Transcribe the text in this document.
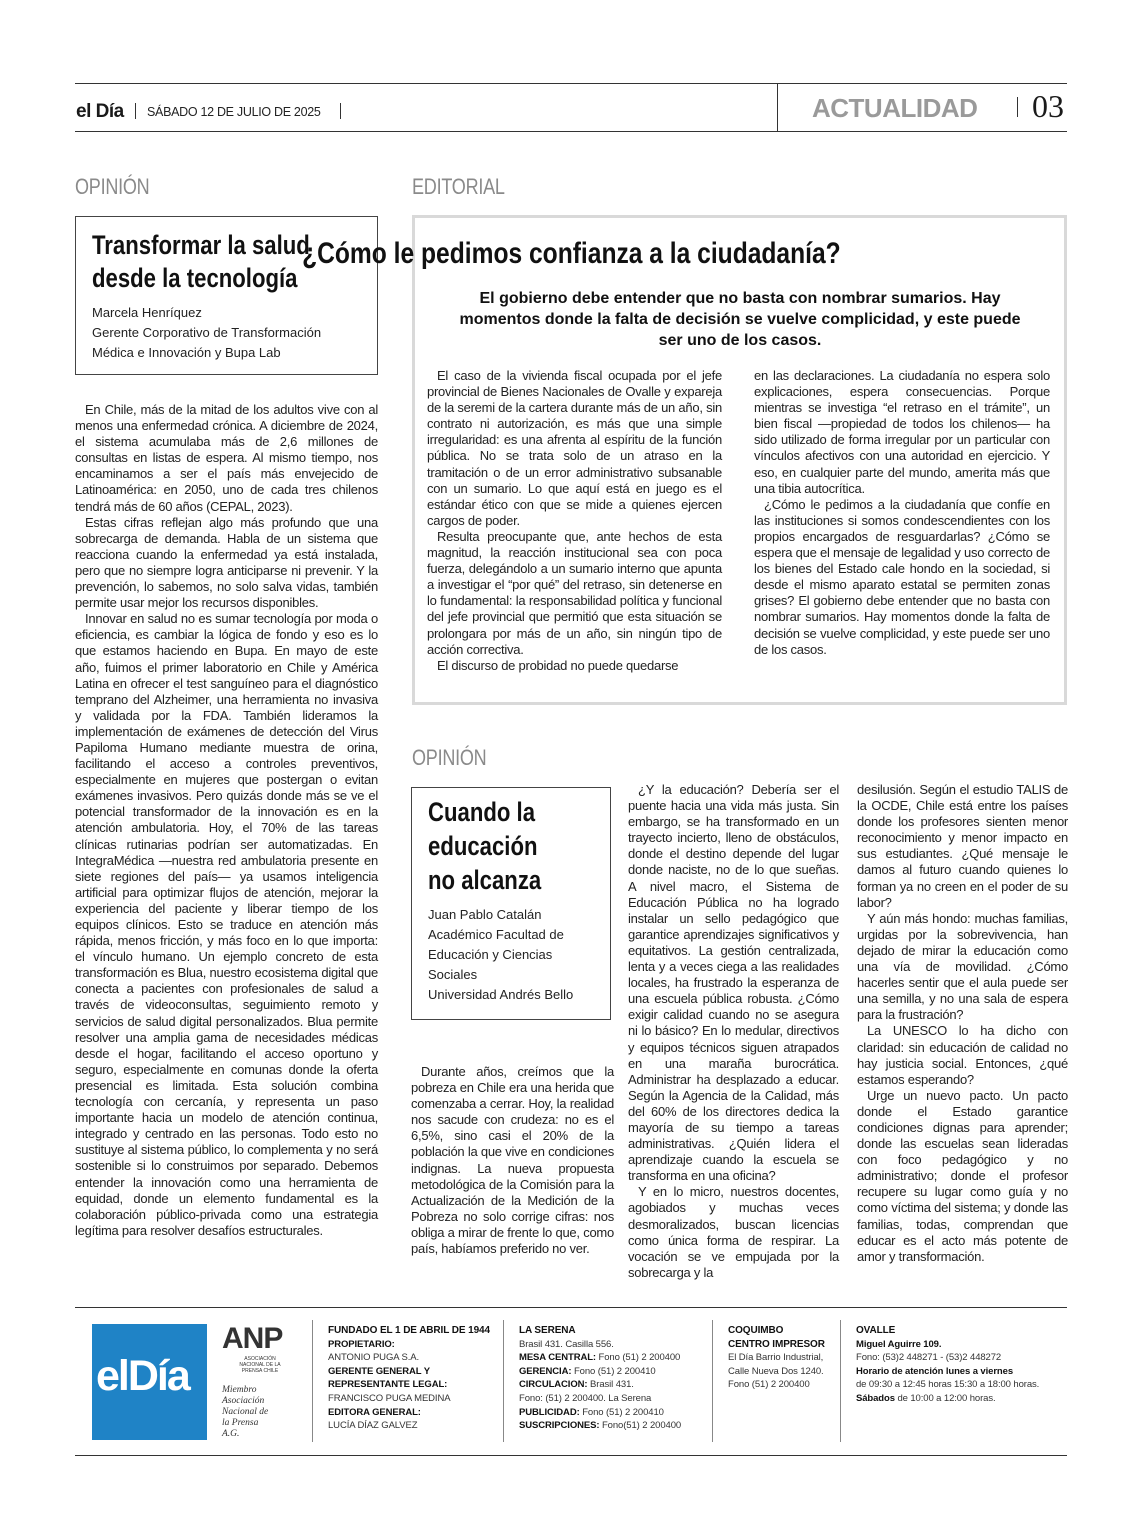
el Día SÁBADO 12 DE JULIO DE 2025	ACTUALIDAD 03
OPINIÓN
Transformar la salud
desde la tecnología
Marcela Henríquez
Gerente Corporativo de Transformación
Médica e Innovación y Bupa Lab

En Chile, más de la mitad de los adultos vive con al menos una enfermedad crónica. A diciembre de 2024, el sistema acumulaba más de 2,6 millones de consultas en listas de espera. Al mismo tiempo, nos encaminamos a ser el país más envejecido de Latinoamérica: en 2050, uno de cada tres chilenos tendrá más de 60 años (CEPAL, 2023).

Estas cifras reflejan algo más profundo que una sobrecarga de demanda. Habla de un sistema que reacciona cuando la enfermedad ya está instalada, pero que no siempre logra anticiparse ni prevenir. Y la prevención, lo sabemos, no solo salva vidas, también permite usar mejor los recursos disponibles.

Innovar en salud no es sumar tecnología por moda o eficiencia, es cambiar la lógica de fondo y eso es lo que estamos haciendo en Bupa. En mayo de este año, fuimos el primer laboratorio en Chile y América Latina en ofrecer el test sanguíneo para el diagnóstico temprano del Alzheimer, una herramienta no invasiva y validada por la FDA. También lideramos la implementación de exámenes de detección del Virus Papiloma Humano mediante muestra de orina, facilitando el acceso a controles preventivos, especialmente en mujeres que postergan o evitan exámenes invasivos. Pero quizás donde más se ve el potencial transformador de la innovación es en la atención ambulatoria. Hoy, el 70% de las tareas clínicas rutinarias podrían ser automatizadas. En IntegraMédica —nuestra red ambulatoria presente en siete regiones del país— ya usamos inteligencia artificial para optimizar flujos de atención, mejorar la experiencia del paciente y liberar tiempo de los equipos clínicos. Esto se traduce en atención más rápida, menos fricción, y más foco en lo que importa: el vínculo humano. Un ejemplo concreto de esta transformación es Blua, nuestro ecosistema digital que conecta a pacientes con profesionales de salud a través de videoconsultas, seguimiento remoto y servicios de salud digital personalizados. Blua permite resolver una amplia gama de necesidades médicas desde el hogar, facilitando el acceso oportuno y seguro, especialmente en comunas donde la oferta presencial es limitada. Esta solución combina tecnología con cercanía, y representa un paso importante hacia un modelo de atención continua, integrado y centrado en las personas. Todo esto no sustituye al sistema público, lo complementa y no será sostenible si lo construimos por separado. Debemos entender la innovación como una herramienta de equidad, donde un elemento fundamental es la colaboración público-privada como una estrategia legítima para resolver desafíos estructurales.

EDITORIAL
¿Cómo le pedimos confianza a la ciudadanía?
El gobierno debe entender que no basta con nombrar sumarios. Hay momentos donde la falta de decisión se vuelve complicidad, y este puede ser uno de los casos.

El caso de la vivienda fiscal ocupada por el jefe provincial de Bienes Nacionales de Ovalle y expareja de la seremi de la cartera durante más de un año, sin contrato ni autorización, es más que una simple irregularidad: es una afrenta al espíritu de la función pública. No se trata solo de un atraso en la tramitación o de un error administrativo subsanable con un sumario. Lo que aquí está en juego es el estándar ético con que se mide a quienes ejercen cargos de poder.

Resulta preocupante que, ante hechos de esta magnitud, la reacción institucional sea con poca fuerza, delegándolo a un sumario interno que apunta a investigar el “por qué” del retraso, sin detenerse en lo fundamental: la responsabilidad política y funcional del jefe provincial que permitió que esta situación se prolongara por más de un año, sin ningún tipo de acción correctiva.

El discurso de probidad no puede quedarse

en las declaraciones. La ciudadanía no espera solo explicaciones, espera consecuencias. Porque mientras se investiga “el retraso en el trámite”, un bien fiscal —propiedad de todos los chilenos— ha sido utilizado de forma irregular por un particular con vínculos afectivos con una autoridad en ejercicio. Y eso, en cualquier parte del mundo, amerita más que una tibia autocrítica.

¿Cómo le pedimos a la ciudadanía que confíe en las instituciones si somos condescendientes con los propios encargados de resguardarlas? ¿Cómo se espera que el mensaje de legalidad y uso correcto de los bienes del Estado cale hondo en la sociedad, si desde el mismo aparato estatal se permiten zonas grises? El gobierno debe entender que no basta con nombrar sumarios. Hay momentos donde la falta de decisión se vuelve complicidad, y este puede ser uno de los casos.

OPINIÓN
Cuando la
educación
no alcanza
Juan Pablo Catalán
Académico Facultad de
Educación y Ciencias
Sociales
Universidad Andrés Bello

Durante años, creímos que la pobreza en Chile era una herida que comenzaba a cerrar. Hoy, la realidad nos sacude con crudeza: no es el 6,5%, sino casi el 20% de la población la que vive en condiciones indignas. La nueva propuesta metodológica de la Comisión para la Actualización de la Medición de la Pobreza no solo corrige cifras: nos obliga a mirar de frente lo que, como país, habíamos preferido no ver.

¿Y la educación? Debería ser el puente hacia una vida más justa. Sin embargo, se ha transformado en un trayecto incierto, lleno de obstáculos, donde el destino depende del lugar donde naciste, no de lo que sueñas. A nivel macro, el Sistema de Educación Pública no ha logrado instalar un sello pedagógico que garantice aprendizajes significativos y equitativos. La gestión centralizada, lenta y a veces ciega a las realidades locales, ha frustrado la esperanza de una escuela pública robusta. ¿Cómo exigir calidad cuando no se asegura ni lo básico? En lo medular, directivos y equipos técnicos siguen atrapados en una maraña burocrática. Administrar ha desplazado a educar. Según la Agencia de la Calidad, más del 60% de los directores dedica la mayoría de su tiempo a tareas administrativas. ¿Quién lidera el aprendizaje cuando la escuela se transforma en una oficina?

Y en lo micro, nuestros docentes, agobiados y muchas veces desmoralizados, buscan licencias como única forma de respirar. La vocación se ve empujada por la sobrecarga y la

desilusión. Según el estudio TALIS de la OCDE, Chile está entre los países donde los profesores sienten menor reconocimiento y menor impacto en sus estudiantes. ¿Qué mensaje le damos al futuro cuando quienes lo forman ya no creen en el poder de su labor?

Y aún más hondo: muchas familias, urgidas por la sobrevivencia, han dejado de mirar la educación como una vía de movilidad. ¿Cómo hacerles sentir que el aula puede ser una semilla, y no una sala de espera para la frustración?

La UNESCO lo ha dicho con claridad: sin educación de calidad no hay justicia social. Entonces, ¿qué estamos esperando?

Urge un nuevo pacto. Un pacto donde el Estado garantice condiciones dignas para aprender; donde las escuelas sean lideradas con foco pedagógico y no administrativo; donde el profesor recupere su lugar como guía y no como víctima del sistema; y donde las familias, todas, comprendan que educar es el acto más potente de amor y transformación.

elDía
ANP
ASOCIACIÓN NACIONAL DE LA PRENSA CHILE
Miembro
Asociación
Nacional de
la Prensa
A.G.
FUNDADO EL 1 DE ABRIL DE 1944
PROPIETARIO:
ANTONIO PUGA S.A.
GERENTE GENERAL Y
REPRESENTANTE LEGAL:
FRANCISCO PUGA MEDINA
EDITORA GENERAL:
LUCÍA DÍAZ GALVEZ
LA SERENA
Brasil 431. Casilla 556.
MESA CENTRAL: Fono (51) 2 200400
GERENCIA: Fono (51) 2 200410
CIRCULACION: Brasil 431.
Fono: (51) 2 200400. La Serena
PUBLICIDAD: Fono (51) 2 200410
SUSCRIPCIONES: Fono(51) 2 200400
COQUIMBO
CENTRO IMPRESOR
El Día Barrio Industrial,
Calle Nueva Dos 1240.
Fono (51) 2 200400
OVALLE
Miguel Aguirre 109.
Fono: (53)2 448271 - (53)2 448272
Horario de atención lunes a viernes
de 09:30 a 12:45 horas 15:30 a 18:00 horas.
Sábados de 10:00 a 12:00 horas.
